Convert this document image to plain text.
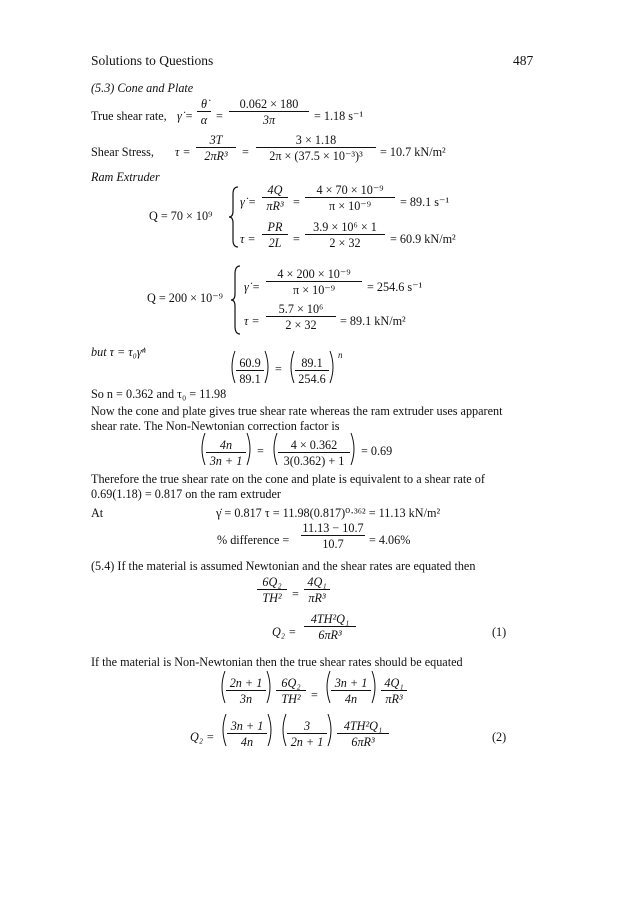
Solutions to Questions	487
(5.3) Cone and Plate
True shear rate, γ̇ = $\frac{\thetȧ}{\alpha} = \frac{0.062 \times 180}{3\pi} = 1.18$ s⁻¹
Shear Stress, $\tau = \frac{3T}{\text{2πR³}} = \frac{3 \times 1.18}{\text{2π × (37.5 × 10⁻³)³}} = 10.7$ kN/m²
Ram Extruder
Q = 70 × 10⁹
γ̇ = $\frac{4Q}{\text{πR³}} = \frac{\text{4 × 70 × 10⁻⁹}}{\text{π × 10⁻⁹}} = 89.1$ s⁻¹
$\tau = \frac{PR}{2L} = \frac{\text{3.9 × 10⁶ × 1}}{2 \times 32} = 60.9$ kN/m²
Q = 200 × 10⁻⁹
γ̇ = $\frac{\text{4 × 200 × 10⁻⁹}}{\text{π × 10⁻⁹}} = 254.6$ s⁻¹
$\tau = \frac{\text{5.7 × 10⁶}}{2 \times 32} = 89.1$ kN/m²
but τ = τ₀γ̇ⁿ
$\frac{60.9}{89.1} = \frac{89.1}{254.6}$
n
So n = 0.362 and τ₀ = 11.98
Now the cone and plate gives true shear rate whereas the ram extruder uses apparent shear rate. The Non-Newtonian correction factor is
$\frac{4n}{3n + 1} = \frac{4 \times 0.362}{3(0.362) + 1} = 0.69$
Therefore the true shear rate on the cone and plate is equivalent to a shear rate of 0.69(1.18) = 0.817 on the ram extruder
At	γ̇ = 0.817 τ = 11.98(0.817)⁰·³⁶² = 11.13 kN/m²
% difference = $\frac{11.13 - 10.7}{10.7} = 4.06\%$
(5.4) If the material is assumed Newtonian and the shear rates are equated then
$\frac{\text{6Q₂}}{\text{TH²}} = \frac{\text{4Q₁}}{\text{πR³}}$
$Q_2 = \frac{\text{4TH²Q₁}}{\text{6πR³}}$	(1)
If the material is Non-Newtonian then the true shear rates should be equated
$\frac{2n + 1}{3n} \frac{\text{6Q₂}}{\text{TH²}} = \frac{3n + 1}{4n} \frac{\text{4Q₁}}{\text{πR³}}$
$Q_2 = \frac{3n + 1}{4n} \frac{3}{2n + 1} \frac{\text{4TH²Q₁}}{\text{6πR³}}$	(2)
